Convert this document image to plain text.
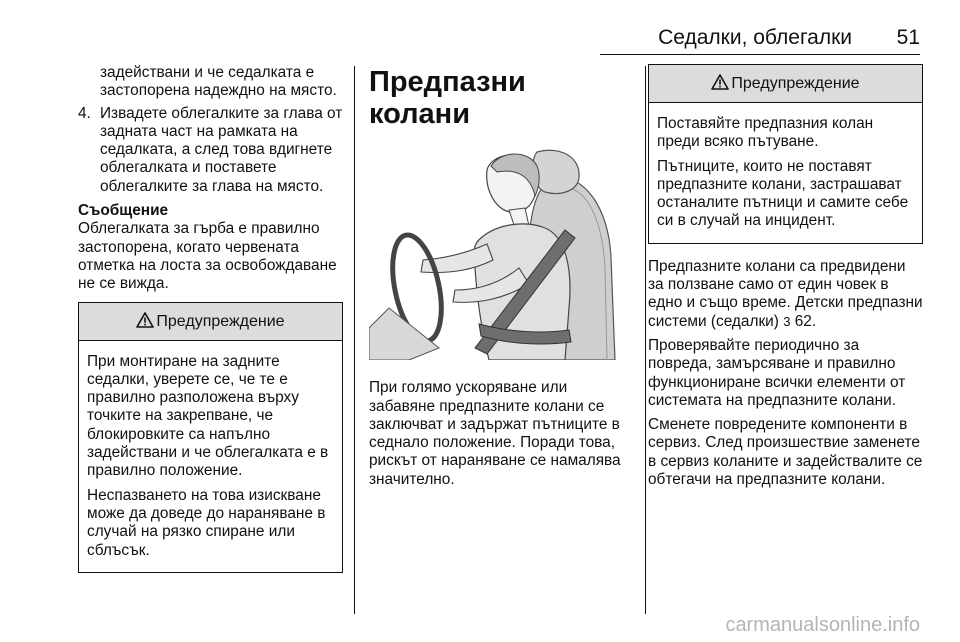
Седалки, облегалки 51

задействани и че седалката е застопорена надеждно на място.

4. Извадете облегалките за глава от задната част на рамката на седалката, а след това вдигнете облегалката и поставете облегалките за глава на място.

Съобщение

Облегалката за гърба е правилно застопорена, когато червената отметка на лоста за освобождаване не се вижда.

Предупреждение

При монтиране на задните седалки, уверете се, че те е правилно разположена върху точките на закрепване, че блокировките са напълно задействани и че облегалката е в правилно положение.

Неспазването на това изискване може да доведе до нараняване в случай на рязко спиране или сблъсък.

Предпазни колани

При голямо ускоряване или забавяне предпазните колани се заключват и задържат пътниците в седнало положение. Поради това, рискът от нараняване се намалява значително.

Предупреждение

Поставяйте предпазния колан преди всяко пътуване.

Пътниците, които не поставят предпазните колани, застрашават останалите пътници и самите себе си в случай на инцидент.

Предпазните колани са предвидени за ползване само от един човек в едно и също време. Детски предпазни системи (седалки) 3 62.

Проверявайте периодично за повреда, замърсяване и правилно функциониране всички елементи от системата на предпазните колани.

Сменете повредените компоненти в сервиз. След произшествие заменете в сервиз коланите и задействалите се обтегачи на предпазните колани.

carmanualsonline.info
